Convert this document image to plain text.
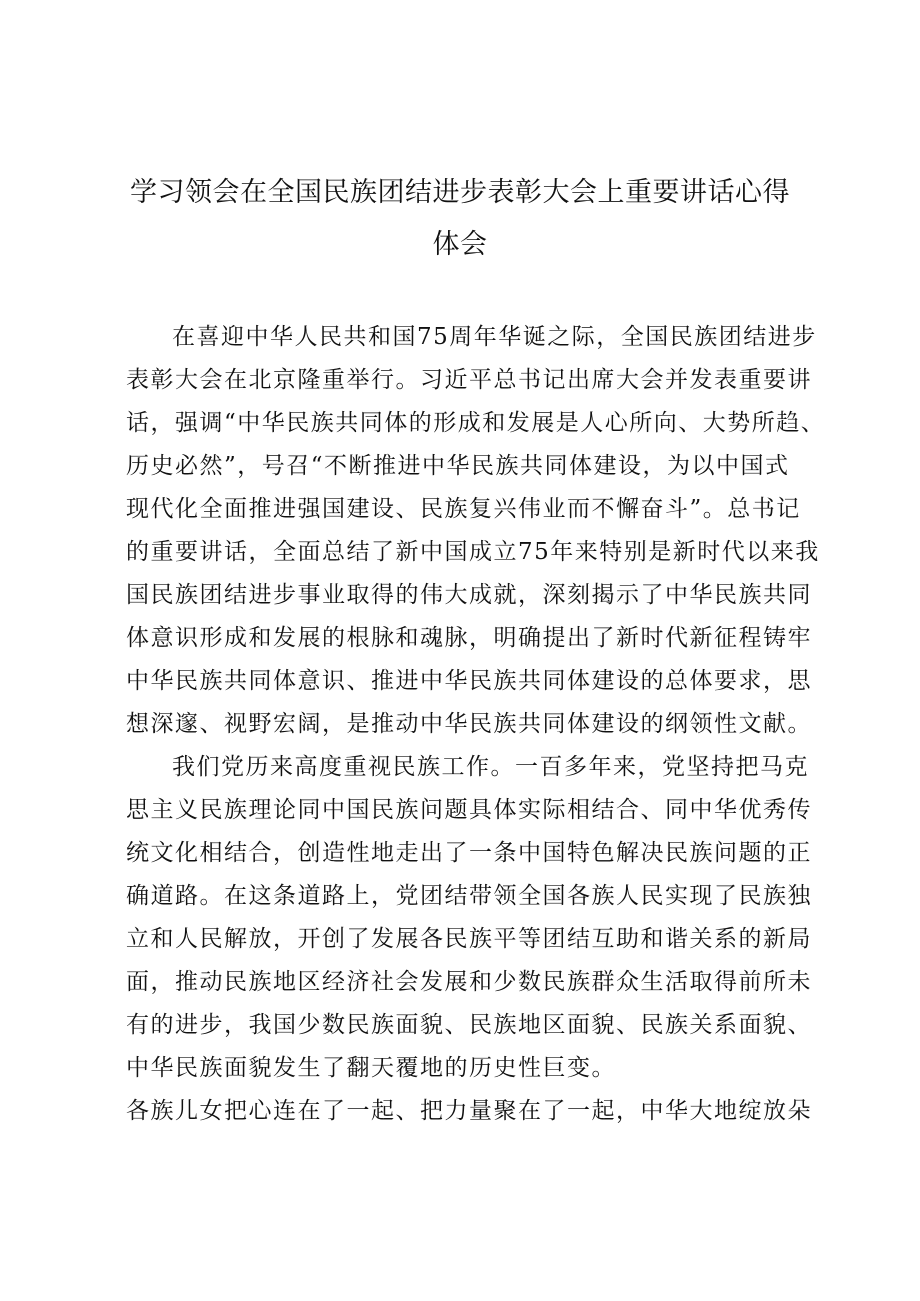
学习领会在全国民族团结进步表彰大会上重要讲话心得
体会
在喜迎中华人民共和国75周年华诞之际，全国民族团结进步
表彰大会在北京隆重举行。习近平总书记出席大会并发表重要讲
话，强调“中华民族共同体的形成和发展是人心所向、大势所趋、
历史必然”，号召“不断推进中华民族共同体建设，为以中国式
现代化全面推进强国建设、民族复兴伟业而不懈奋斗”。总书记
的重要讲话，全面总结了新中国成立75年来特别是新时代以来我
国民族团结进步事业取得的伟大成就，深刻揭示了中华民族共同
体意识形成和发展的根脉和魂脉，明确提出了新时代新征程铸牢
中华民族共同体意识、推进中华民族共同体建设的总体要求，思
想深邃、视野宏阔，是推动中华民族共同体建设的纲领性文献。
我们党历来高度重视民族工作。一百多年来，党坚持把马克
思主义民族理论同中国民族问题具体实际相结合、同中华优秀传
统文化相结合，创造性地走出了一条中国特色解决民族问题的正
确道路。在这条道路上，党团结带领全国各族人民实现了民族独
立和人民解放，开创了发展各民族平等团结互助和谐关系的新局
面，推动民族地区经济社会发展和少数民族群众生活取得前所未
有的进步，我国少数民族面貌、民族地区面貌、民族关系面貌、
中华民族面貌发生了翻天覆地的历史性巨变。
各族儿女把心连在了一起、把力量聚在了一起，中华大地绽放朵
